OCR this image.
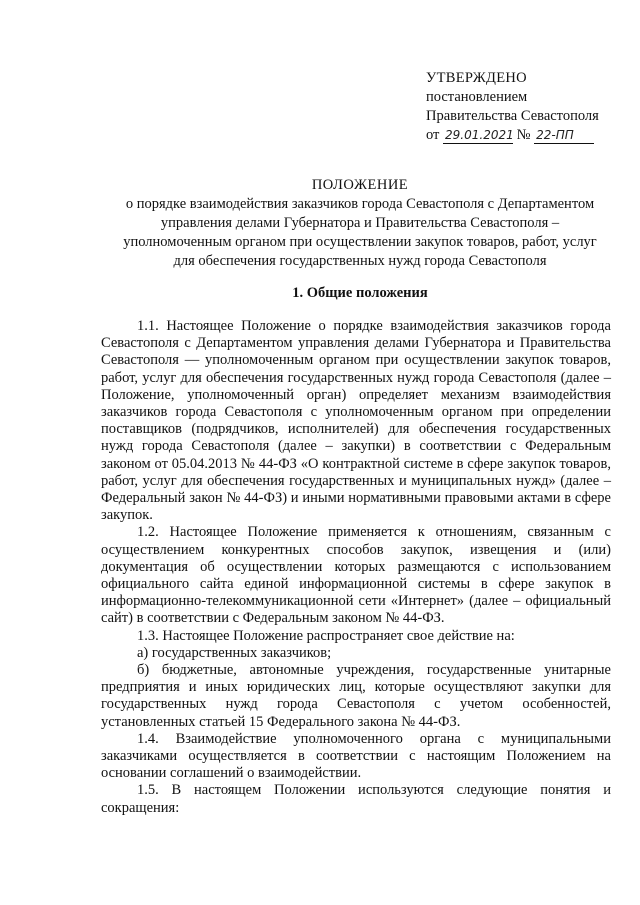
УТВЕРЖДЕНО
постановлением
Правительства Севастополя
от 29.01.2021 № 22-ПП
ПОЛОЖЕНИЕ
о порядке взаимодействия заказчиков города Севастополя с Департаментом
управления делами Губернатора и Правительства Севастополя –
уполномоченным органом при осуществлении закупок товаров, работ, услуг
для обеспечения государственных нужд города Севастополя
1. Общие положения

1.1. Настоящее Положение о порядке взаимодействия заказчиков города Севастополя с Департаментом управления делами Губернатора и Правительства Севастополя — уполномоченным органом при осуществлении закупок товаров, работ, услуг для обеспечения государственных нужд города Севастополя (далее – Положение, уполномоченный орган) определяет механизм взаимодействия заказчиков города Севастополя с уполномоченным органом при определении поставщиков (подрядчиков, исполнителей) для обеспечения государственных нужд города Севастополя (далее – закупки) в соответствии с Федеральным законом от 05.04.2013 № 44-ФЗ «О контрактной системе в сфере закупок товаров, работ, услуг для обеспечения государственных и муниципальных нужд» (далее – Федеральный закон № 44-ФЗ) и иными нормативными правовыми актами в сфере закупок.

1.2. Настоящее Положение применяется к отношениям, связанным с осуществлением конкурентных способов закупок, извещения и (или) документация об осуществлении которых размещаются с использованием официального сайта единой информационной системы в сфере закупок в информационно-телекоммуникационной сети «Интернет» (далее – официальный сайт) в соответствии с Федеральным законом № 44-ФЗ.

1.3. Настоящее Положение распространяет свое действие на:

а) государственных заказчиков;

б) бюджетные, автономные учреждения, государственные унитарные предприятия и иных юридических лиц, которые осуществляют закупки для государственных нужд города Севастополя с учетом особенностей, установленных статьей 15 Федерального закона № 44-ФЗ.

1.4. Взаимодействие уполномоченного органа с муниципальными заказчиками осуществляется в соответствии с настоящим Положением на основании соглашений о взаимодействии.

1.5. В настоящем Положении используются следующие понятия и сокращения:
